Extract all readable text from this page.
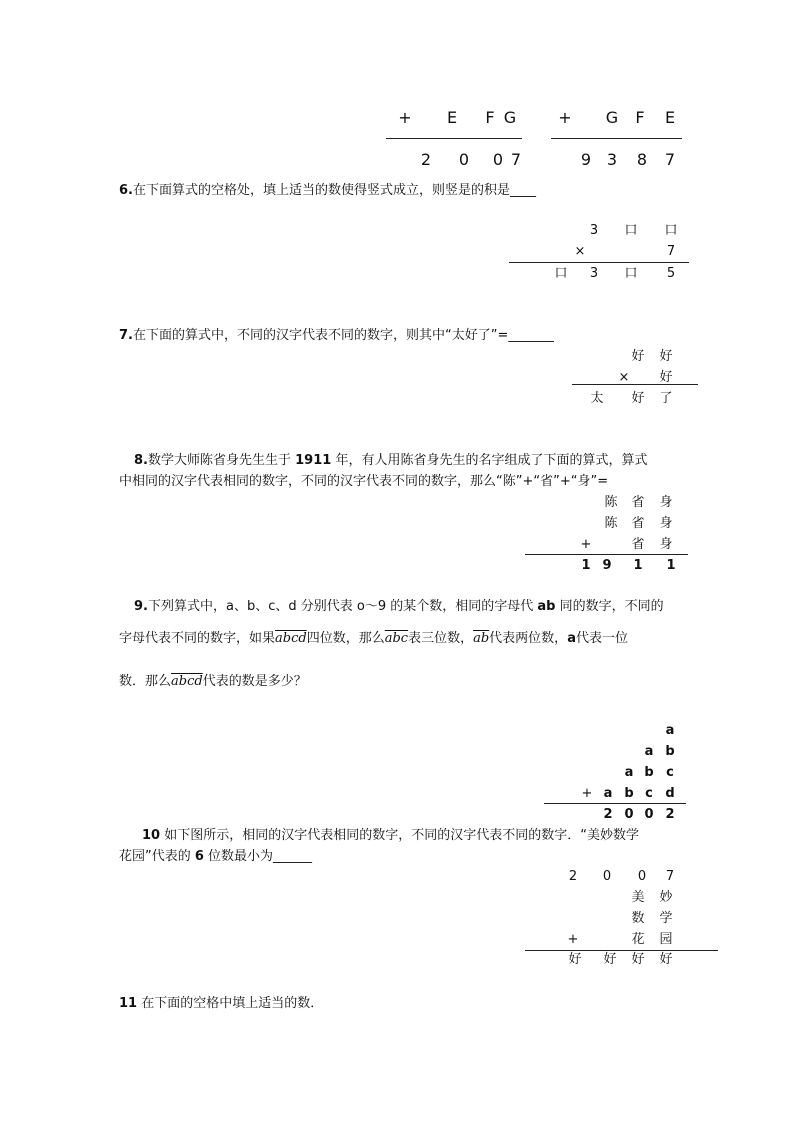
+	E	F G
2	0	0 7
+	G	F	E
9 3	8	7
6.在下面算式的空格处，填上适当的数使得竖式成立，则竖是的积是____
3	口 口
×	7
口	3	口	5
7.在下面的算式中，不同的汉字代表不同的数字，则其中“太好了”=_______
好 好
×	好
太 好 了
8.数学大师陈省身先生生于 1911 年，有人用陈省身先生的名字组成了下面的算式，算式
中相同的汉字代表相同的数字，不同的汉字代表不同的数字，那么“陈”+“省”+“身”=
陈 省 身
陈 省 身
+	省 身
1 9	1	1
9.下列算式中，a、b、c、d 分别代表 o～9 的某个数，相同的字母代 ab 同的数字，不同的
字母代表不同的数字，如果abcd四位数，那么$\overline{abc}$表三位数，$\overline{ab}$代表两位数，a代表一位
数．那么abcd代表的数是多少？
a
a b
a b c
+ a b c d
2 0 0 2
10 如下图所示，相同的汉字代表相同的数字，不同的汉字代表不同的数字．“美妙数学
花园”代表的 6 位数最小为______
2	0	0	7
美 妙
数 学
+	花 园
好 好 好 好
11 在下面的空格中填上适当的数．
